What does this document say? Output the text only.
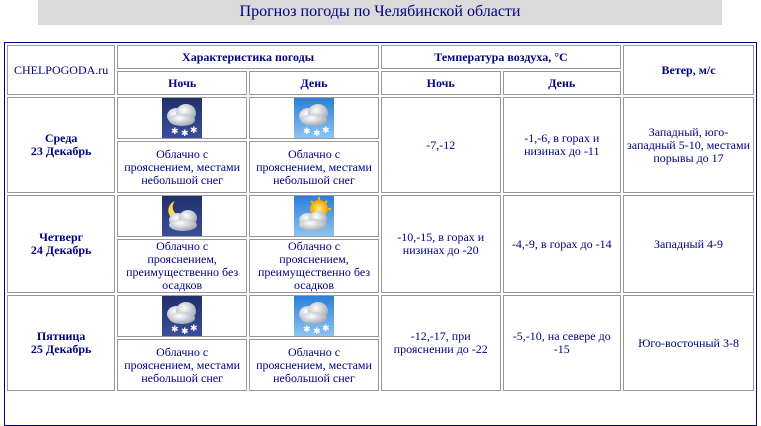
Прогноз погоды по Челябинской области
CHELPOGODA.ru	Характеристика погоды		Температура воздуха, °C		Ветер, м/с
	Ночь	День	Ночь	День	
Среда
23 Декабрь	✱ ✱ ✱	✱ ✱ ✱	-7,-12	-1,-6, в горах и низинах до -11	Западный, юго-западный 5-10, местами порывы до 17
	Облачно с прояснением, местами небольшой снег	Облачно с прояснением, местами небольшой снег			
Четверг
24 Декабрь			-10,-15, в горах и низинах до -20	-4,-9, в горах до -14	Западный 4-9
	Облачно с прояснением, преимущественно без осадков	Облачно с прояснением, преимущественно без осадков			
Пятница
25 Декабрь	✱ ✱ ✱	✱ ✱ ✱	-12,-17, при прояснении до -22	-5,-10, на севере до -15	Юго-восточный 3-8
	Облачно с прояснением, местами небольшой снег	Облачно с прояснением, местами небольшой снег			
